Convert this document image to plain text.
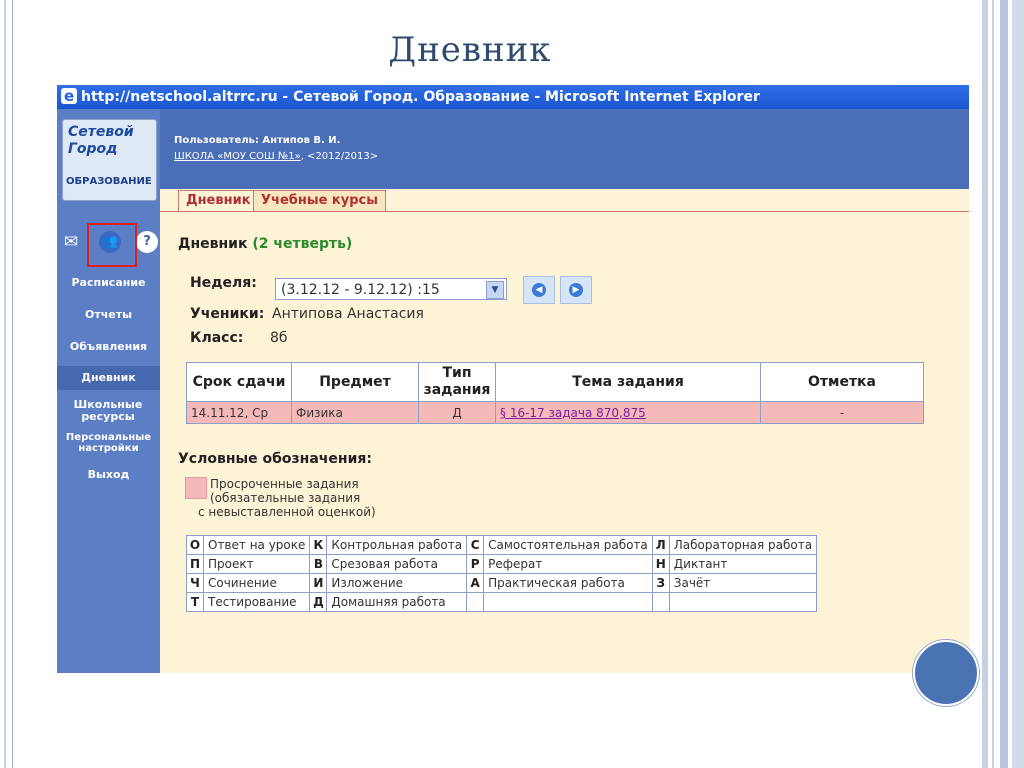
Дневник
ehttp://netschool.altrrc.ru - Сетевой Город. Образование - Microsoft Internet Explorer
Сетевой
Город
ОБРАЗОВАНИЕ
✉ 👥	?
Расписание
Отчеты
Объявления
Дневник
Школьные ресурсы
Персональные настройки
Выход
Пользователь: Антипов В. И.
ШКОЛА «МОУ СОШ №1», <2012/2013>
Дневник Учебные курсы
Дневник (2 четверть)
Неделя:	(3.12.12 - 9.12.12) :15	▼	◀	▶
Ученики: Антипова Анастасия
Класс: 8б
Срок сдачи	Предмет	Тип задания	Тема задания	Отметка
14.11.12, Ср	Физика	Д	§ 16-17 задача 870,875	-
Условные обозначения:
Просроченные задания
(обязательные задания
с невыставленной оценкой)
О	Ответ на уроке	К	Контрольная работа	С	Самостоятельная работа	Л	Лабораторная работа
П	Проект	В	Срезовая работа	Р	Реферат	Н	Диктант
Ч	Сочинение	И	Изложение	А	Практическая работа	З	Зачёт
Т	Тестирование	Д	Домашняя работа				
